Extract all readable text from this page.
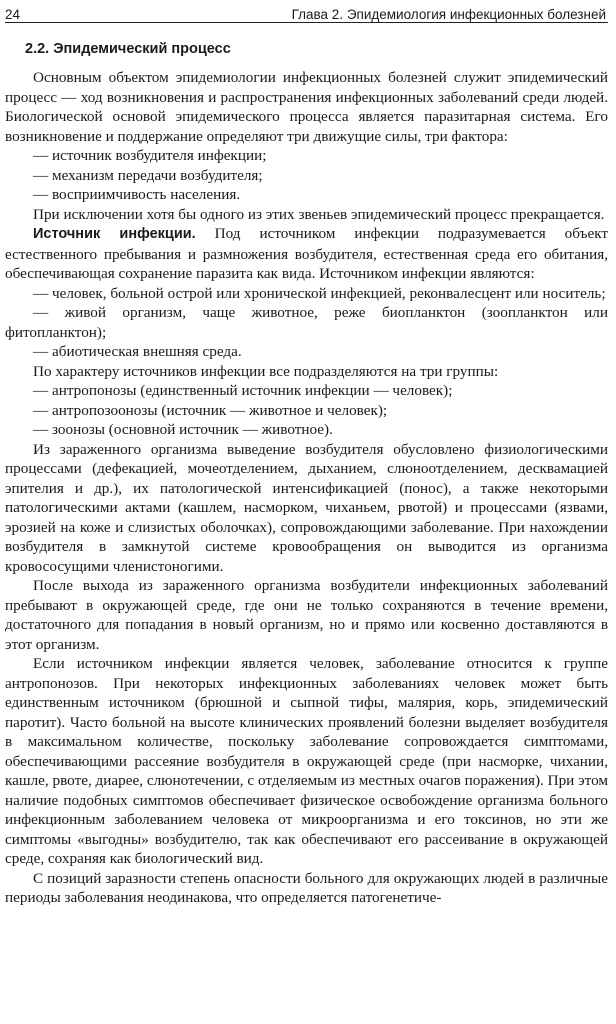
24	Глава 2. Эпидемиология инфекционных болезней
2.2. Эпидемический процесс

Основным объектом эпидемиологии инфекционных болезней служит эпидемический процесс — ход возникновения и распространения инфекционных заболеваний среди людей. Биологической основой эпидемического процесса является паразитарная система. Его возникновение и поддержание определяют три движущие силы, три фактора:

— источник возбудителя инфекции;

— механизм передачи возбудителя;

— восприимчивость населения.

При исключении хотя бы одного из этих звеньев эпидемический процесс прекращается.

Источник инфекции. Под источником инфекции подразумевается объект естественного пребывания и размножения возбудителя, естественная среда его обитания, обеспечивающая сохранение паразита как вида. Источником инфекции являются:

— человек, больной острой или хронической инфекцией, реконвалесцент или носитель;

— живой организм, чаще животное, реже биопланктон (зоопланктон или фитопланктон);

— абиотическая внешняя среда.

По характеру источников инфекции все подразделяются на три группы:

— антропонозы (единственный источник инфекции — человек);

— антропозоонозы (источник — животное и человек);

— зоонозы (основной источник — животное).

Из зараженного организма выведение возбудителя обусловлено физиологическими процессами (дефекацией, мочеотделением, дыханием, слюноотделением, десквамацией эпителия и др.), их патологической интенсификацией (понос), а также некоторыми патологическими актами (кашлем, насморком, чиханьем, рвотой) и процессами (язвами, эрозией на коже и слизистых оболочках), сопровождающими заболевание. При нахождении возбудителя в замкнутой системе кровообращения он выводится из организма кровососущими членистоногими.

После выхода из зараженного организма возбудители инфекционных заболеваний пребывают в окружающей среде, где они не только сохраняются в течение времени, достаточного для попадания в новый организм, но и прямо или косвенно доставляются в этот организм.

Если источником инфекции является человек, заболевание относится к группе антропонозов. При некоторых инфекционных заболеваниях человек может быть единственным источником (брюшной и сыпной тифы, малярия, корь, эпидемический паротит). Часто больной на высоте клинических проявлений болезни выделяет возбудителя в максимальном количестве, поскольку заболевание сопровождается симптомами, обеспечивающими рассеяние возбудителя в окружающей среде (при насморке, чихании, кашле, рвоте, диарее, слюнотечении, с отделяемым из местных очагов поражения). При этом наличие подобных симптомов обеспечивает физическое освобождение организма больного инфекционным заболеванием человека от микроорганизма и его токсинов, но эти же симптомы «выгодны» возбудителю, так как обеспечивают его рассеивание в окружающей среде, сохраняя как биологический вид.

С позиций заразности степень опасности больного для окружающих людей в различные периоды заболевания неодинакова, что определяется патогенетиче-
